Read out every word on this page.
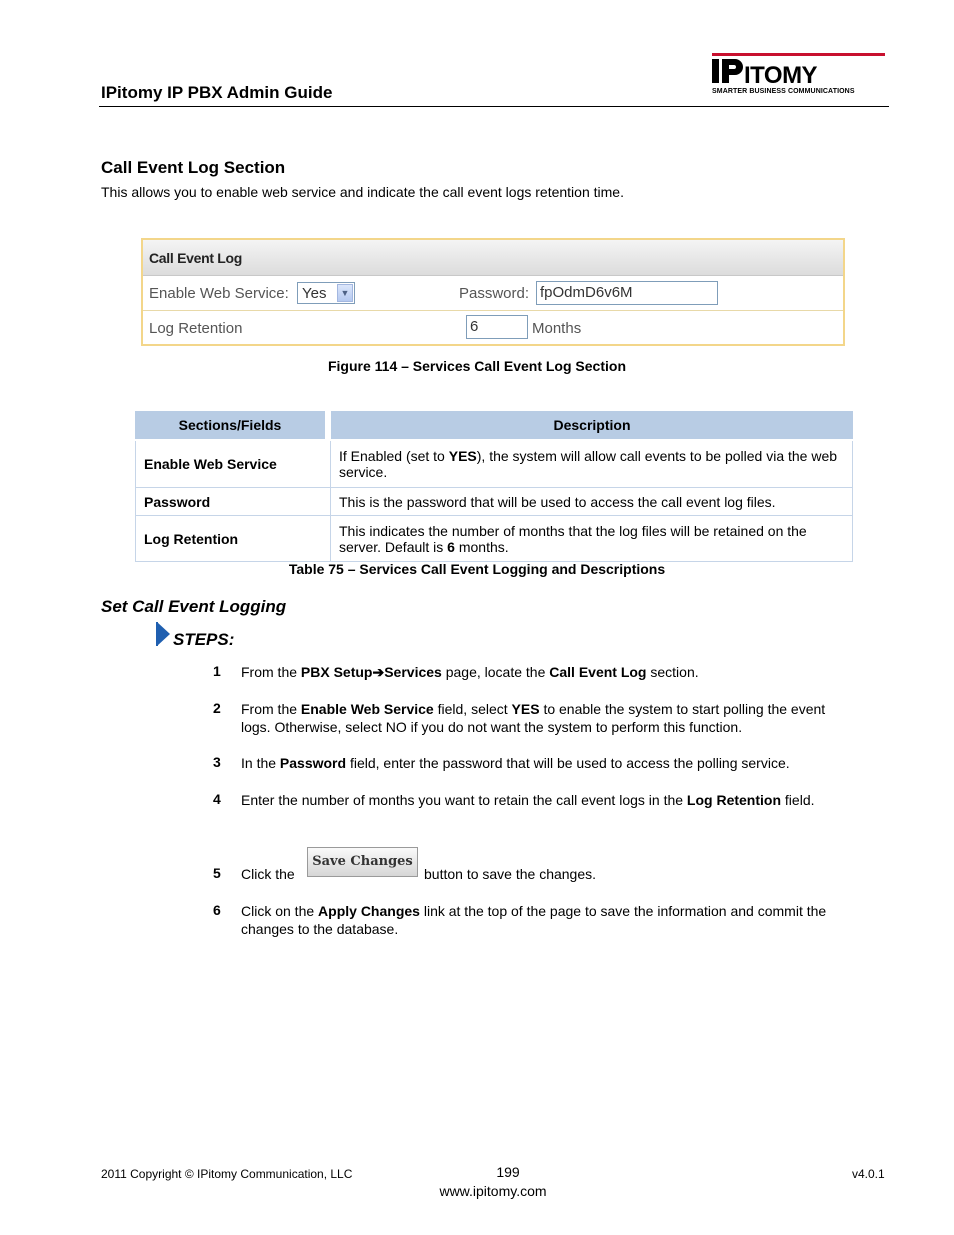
IPitomy IP PBX Admin Guide
ITOMY
SMARTER BUSINESS COMMUNICATIONS
Call Event Log Section
This allows you to enable web service and indicate the call event logs retention time.
Call Event Log
Enable Web Service: Yes	▼	Password: fpOdmD6v6M
Log Retention	6	Months
Figure 114 – Services Call Event Log Section
Sections/Fields	Description
Enable Web Service	If Enabled (set to YES), the system will allow call events to be polled via the web service.
Password	This is the password that will be used to access the call event log files.
Log Retention	This indicates the number of months that the log files will be retained on the server. Default is 6 months.
Table 75 – Services Call Event Logging and Descriptions
Set Call Event Logging
STEPS:
1 From the PBX Setup➔Services page, locate the Call Event Log section.
2 From the Enable Web Service field, select YES to enable the system to start polling the event logs. Otherwise, select NO if you do not want the system to perform this function.
3 In the Password field, enter the password that will be used to access the polling service.
4 Enter the number of months you want to retain the call event logs in the Log Retention field.
5 Click the
Save Changes
button to save the changes.
6 Click on the Apply Changes link at the top of the page to save the information and commit the changes to the database.
2011 Copyright © IPitomy Communication, LLC	199
www.ipitomy.com
v4.0.1
